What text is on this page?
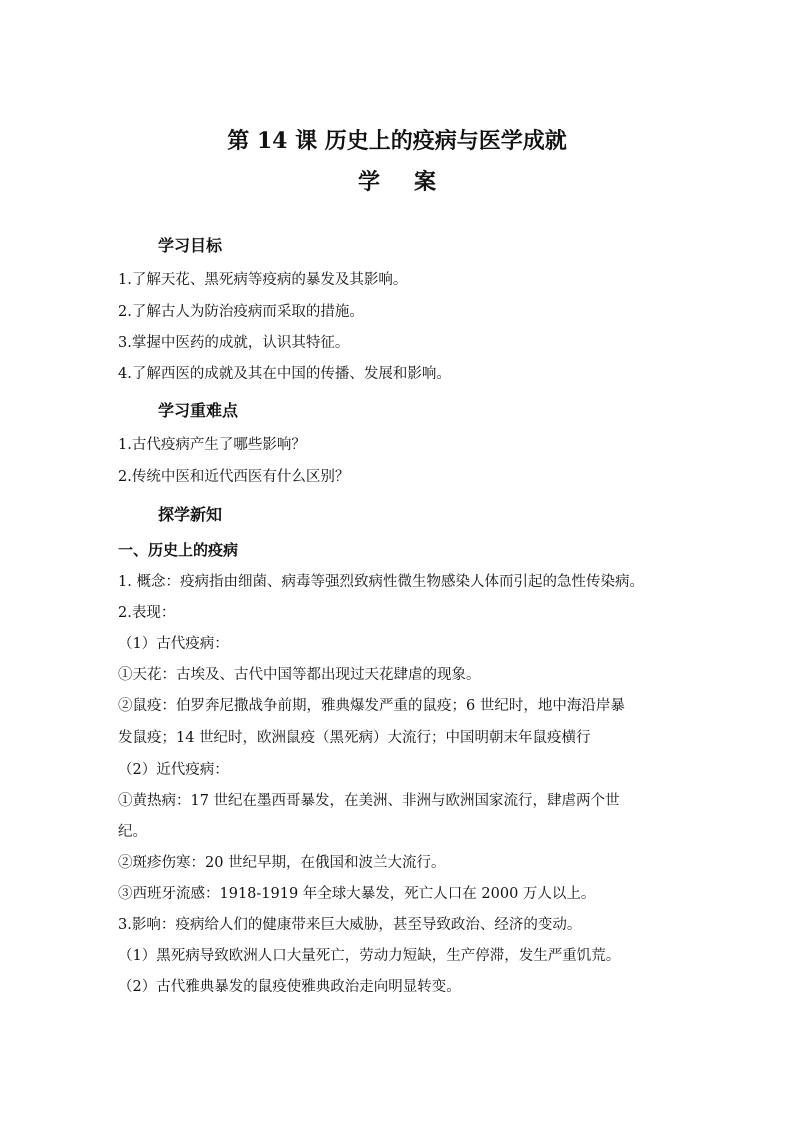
第 14 课 历史上的疫病与医学成就
学案
学习目标
1.了解天花、黑死病等疫病的暴发及其影响。
2.了解古人为防治疫病而采取的措施。
3.掌握中医药的成就，认识其特征。
4.了解西医的成就及其在中国的传播、发展和影响。
学习重难点
1.古代疫病产生了哪些影响？
2.传统中医和近代西医有什么区别？
探学新知
一、历史上的疫病
1. 概念：疫病指由细菌、病毒等强烈致病性微生物感染人体而引起的急性传染病。
2.表现：
（1）古代疫病：
①天花：古埃及、古代中国等都出现过天花肆虐的现象。
②鼠疫：伯罗奔尼撒战争前期，雅典爆发严重的鼠疫；6 世纪时，地中海沿岸暴
发鼠疫；14 世纪时，欧洲鼠疫（黑死病）大流行；中国明朝末年鼠疫横行
（2）近代疫病：
①黄热病：17 世纪在墨西哥暴发，在美洲、非洲与欧洲国家流行，肆虐两个世
纪。
②斑疹伤寒：20 世纪早期，在俄国和波兰大流行。
③西班牙流感：1918-1919 年全球大暴发，死亡人口在 2000 万人以上。
3.影响：疫病给人们的健康带来巨大威胁，甚至导致政治、经济的变动。
（1）黑死病导致欧洲人口大量死亡，劳动力短缺，生产停滞，发生严重饥荒。
（2）古代雅典暴发的鼠疫使雅典政治走向明显转变。
